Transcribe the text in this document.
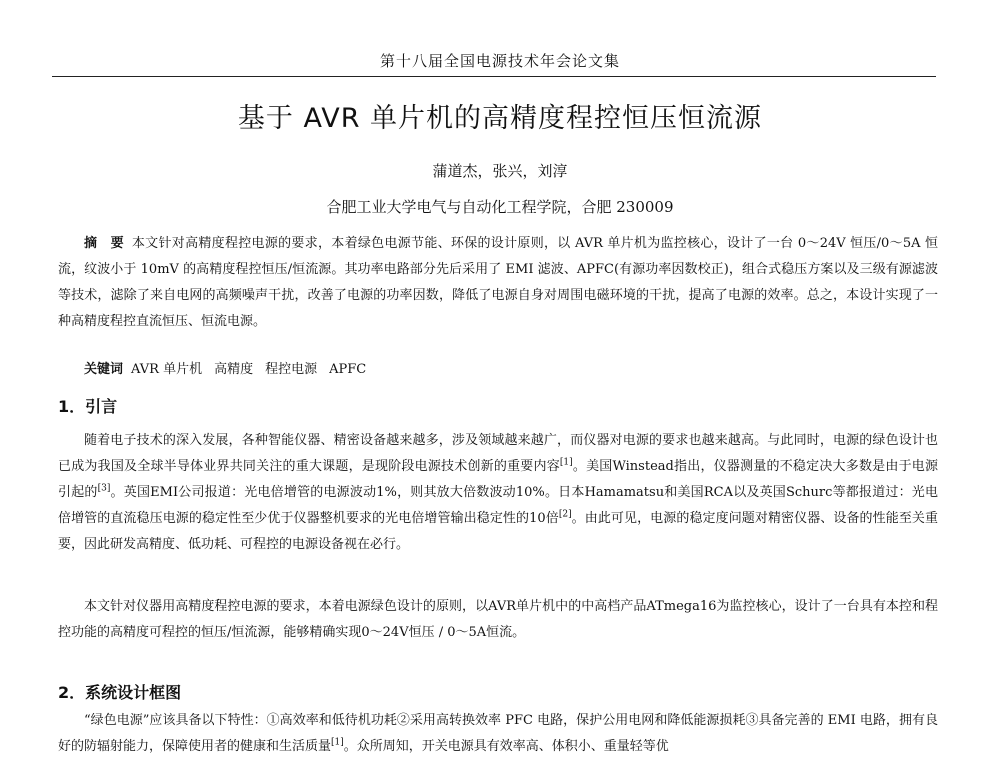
第十八届全国电源技术年会论文集
基于 AVR 单片机的高精度程控恒压恒流源
蒲道杰，张兴，刘淳
合肥工业大学电气与自动化工程学院，合肥 230009

摘　要 本文针对高精度程控电源的要求，本着绿色电源节能、环保的设计原则，以 AVR 单片机为监控核心，设计了一台 0～24V 恒压/0～5A 恒流，纹波小于 10mV 的高精度程控恒压/恒流源。其功率电路部分先后采用了 EMI 滤波、APFC(有源功率因数校正)，组合式稳压方案以及三级有源滤波等技术，滤除了来自电网的高频噪声干扰，改善了电源的功率因数，降低了电源自身对周围电磁环境的干扰，提高了电源的效率。总之，本设计实现了一种高精度程控直流恒压、恒流电源。

关键词 AVR 单片机 高精度 程控电源 APFC

1．引言

随着电子技术的深入发展，各种智能仪器、精密设备越来越多，涉及领域越来越广，而仪器对电源的要求也越来越高。与此同时，电源的绿色设计也已成为我国及全球半导体业界共同关注的重大课题，是现阶段电源技术创新的重要内容[1]。美国Winstead指出，仪器测量的不稳定决大多数是由于电源引起的[3]。英国EMI公司报道：光电倍增管的电源波动1%，则其放大倍数波动10%。日本Hamamatsu和美国RCA以及英国Schurc等都报道过：光电倍增管的直流稳压电源的稳定性至少优于仪器整机要求的光电倍增管输出稳定性的10倍[2]。由此可见，电源的稳定度问题对精密仪器、设备的性能至关重要，因此研发高精度、低功耗、可程控的电源设备视在必行。

本文针对仪器用高精度程控电源的要求，本着电源绿色设计的原则，以AVR单片机中的中高档产品ATmega16为监控核心，设计了一台具有本控和程控功能的高精度可程控的恒压/恒流源，能够精确实现0～24V恒压 / 0～5A恒流。

2．系统设计框图

“绿色电源”应该具备以下特性：①高效率和低待机功耗②采用高转换效率 PFC 电路，保护公用电网和降低能源损耗③具备完善的 EMI 电路，拥有良好的防辐射能力，保障使用者的健康和生活质量[1]。众所周知，开关电源具有效率高、体积小、重量轻等优
